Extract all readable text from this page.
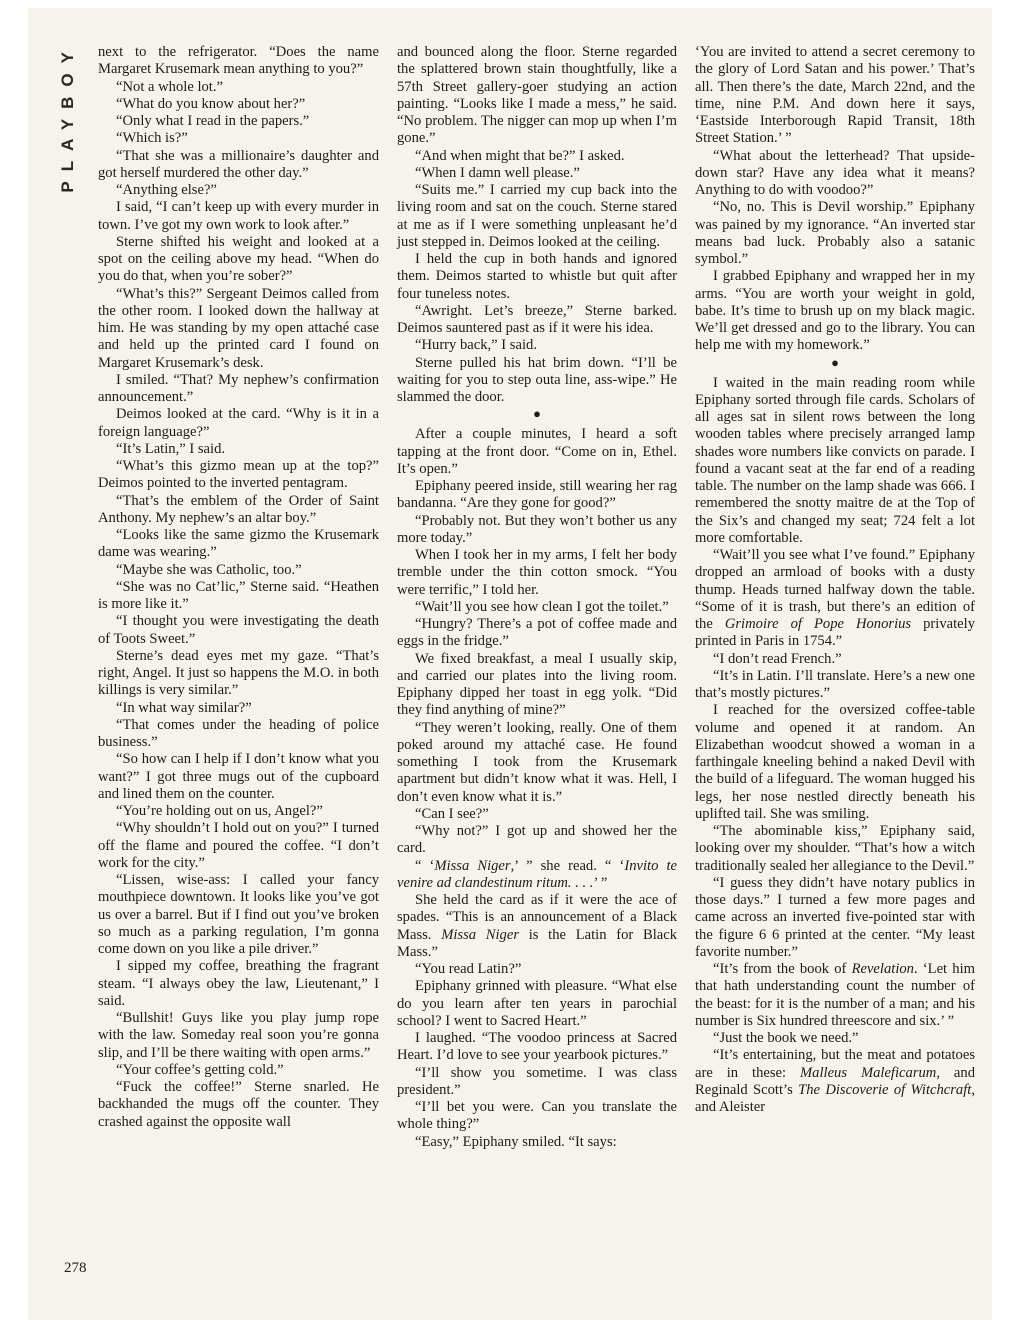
PLAYBOY next to the refrigerator. “Does the name Margaret Krusemark mean anything to you?”

“Not a whole lot.”

“What do you know about her?”

“Only what I read in the papers.”

“Which is?”

“That she was a millionaire’s daughter and got herself murdered the other day.”

“Anything else?”

I said, “I can’t keep up with every murder in town. I’ve got my own work to look after.”

Sterne shifted his weight and looked at a spot on the ceiling above my head. “When do you do that, when you’re sober?”

“What’s this?” Sergeant Deimos called from the other room. I looked down the hallway at him. He was standing by my open attaché case and held up the printed card I found on Margaret Krusemark’s desk.

I smiled. “That? My nephew’s confirmation announcement.”

Deimos looked at the card. “Why is it in a foreign language?”

“It’s Latin,” I said.

“What’s this gizmo mean up at the top?” Deimos pointed to the inverted pentagram.

“That’s the emblem of the Order of Saint Anthony. My nephew’s an altar boy.”

“Looks like the same gizmo the Krusemark dame was wearing.”

“Maybe she was Catholic, too.”

“She was no Cat’lic,” Sterne said. “Heathen is more like it.”

“I thought you were investigating the death of Toots Sweet.”

Sterne’s dead eyes met my gaze. “That’s right, Angel. It just so happens the M.O. in both killings is very similar.”

“In what way similar?”

“That comes under the heading of police business.”

“So how can I help if I don’t know what you want?” I got three mugs out of the cupboard and lined them on the counter.

“You’re holding out on us, Angel?”

“Why shouldn’t I hold out on you?” I turned off the flame and poured the coffee. “I don’t work for the city.”

“Lissen, wise-ass: I called your fancy mouthpiece downtown. It looks like you’ve got us over a barrel. But if I find out you’ve broken so much as a parking regulation, I’m gonna come down on you like a pile driver.”

I sipped my coffee, breathing the fragrant steam. “I always obey the law, Lieutenant,” I said.

“Bullshit! Guys like you play jump rope with the law. Someday real soon you’re gonna slip, and I’ll be there waiting with open arms.”

“Your coffee’s getting cold.”

“Fuck the coffee!” Sterne snarled. He backhanded the mugs off the counter. They crashed against the opposite wall

and bounced along the floor. Sterne regarded the splattered brown stain thoughtfully, like a 57th Street gallery-goer studying an action painting. “Looks like I made a mess,” he said. “No problem. The nigger can mop up when I’m gone.”

“And when might that be?” I asked.

“When I damn well please.”

“Suits me.” I carried my cup back into the living room and sat on the couch. Sterne stared at me as if I were something unpleasant he’d just stepped in. Deimos looked at the ceiling.

I held the cup in both hands and ignored them. Deimos started to whistle but quit after four tuneless notes.

“Awright. Let’s breeze,” Sterne barked. Deimos sauntered past as if it were his idea.

“Hurry back,” I said.

Sterne pulled his hat brim down. “I’ll be waiting for you to step outa line, ass-wipe.” He slammed the door.

●

After a couple minutes, I heard a soft tapping at the front door. “Come on in, Ethel. It’s open.”

Epiphany peered inside, still wearing her rag bandanna. “Are they gone for good?”

“Probably not. But they won’t bother us any more today.”

When I took her in my arms, I felt her body tremble under the thin cotton smock. “You were terrific,” I told her.

“Wait’ll you see how clean I got the toilet.”

“Hungry? There’s a pot of coffee made and eggs in the fridge.”

We fixed breakfast, a meal I usually skip, and carried our plates into the living room. Epiphany dipped her toast in egg yolk. “Did they find anything of mine?”

“They weren’t looking, really. One of them poked around my attaché case. He found something I took from the Krusemark apartment but didn’t know what it was. Hell, I don’t even know what it is.”

“Can I see?”

“Why not?” I got up and showed her the card.

“ ‘Missa Niger,’ ” she read. “ ‘Invito te venire ad clandestinum ritum. . . .’ ”

She held the card as if it were the ace of spades. “This is an announcement of a Black Mass. Missa Niger is the Latin for Black Mass.”

“You read Latin?”

Epiphany grinned with pleasure. “What else do you learn after ten years in parochial school? I went to Sacred Heart.”

I laughed. “The voodoo princess at Sacred Heart. I’d love to see your yearbook pictures.”

“I’ll show you sometime. I was class president.”

“I’ll bet you were. Can you translate the whole thing?”

“Easy,” Epiphany smiled. “It says:

‘You are invited to attend a secret ceremony to the glory of Lord Satan and his power.’ That’s all. Then there’s the date, March 22nd, and the time, nine P.M. And down here it says, ‘Eastside Interborough Rapid Transit, 18th Street Station.’ ”

“What about the letterhead? That upside-down star? Have any idea what it means? Anything to do with voodoo?”

“No, no. This is Devil worship.” Epiphany was pained by my ignorance. “An inverted star means bad luck. Probably also a satanic symbol.”

I grabbed Epiphany and wrapped her in my arms. “You are worth your weight in gold, babe. It’s time to brush up on my black magic. We’ll get dressed and go to the library. You can help me with my homework.”

●

I waited in the main reading room while Epiphany sorted through file cards. Scholars of all ages sat in silent rows between the long wooden tables where precisely arranged lamp shades wore numbers like convicts on parade. I found a vacant seat at the far end of a reading table. The number on the lamp shade was 666. I remembered the snotty maitre de at the Top of the Six’s and changed my seat; 724 felt a lot more comfortable.

“Wait’ll you see what I’ve found.” Epiphany dropped an armload of books with a dusty thump. Heads turned halfway down the table. “Some of it is trash, but there’s an edition of the Grimoire of Pope Honorius privately printed in Paris in 1754.”

“I don’t read French.”

“It’s in Latin. I’ll translate. Here’s a new one that’s mostly pictures.”

I reached for the oversized coffee-table volume and opened it at random. An Elizabethan woodcut showed a woman in a farthingale kneeling behind a naked Devil with the build of a lifeguard. The woman hugged his legs, her nose nestled directly beneath his uplifted tail. She was smiling.

“The abominable kiss,” Epiphany said, looking over my shoulder. “That’s how a witch traditionally sealed her allegiance to the Devil.”

“I guess they didn’t have notary publics in those days.” I turned a few more pages and came across an inverted five-pointed star with the figure 6 6 printed at the center. “My least favorite number.”

“It’s from the book of Revelation. ‘Let him that hath understanding count the number of the beast: for it is the number of a man; and his number is Six hundred threescore and six.’ ”

“Just the book we need.”

“It’s entertaining, but the meat and potatoes are in these: Malleus Maleficarum, and Reginald Scott’s The Discoverie of Witchcraft, and Aleister

278
